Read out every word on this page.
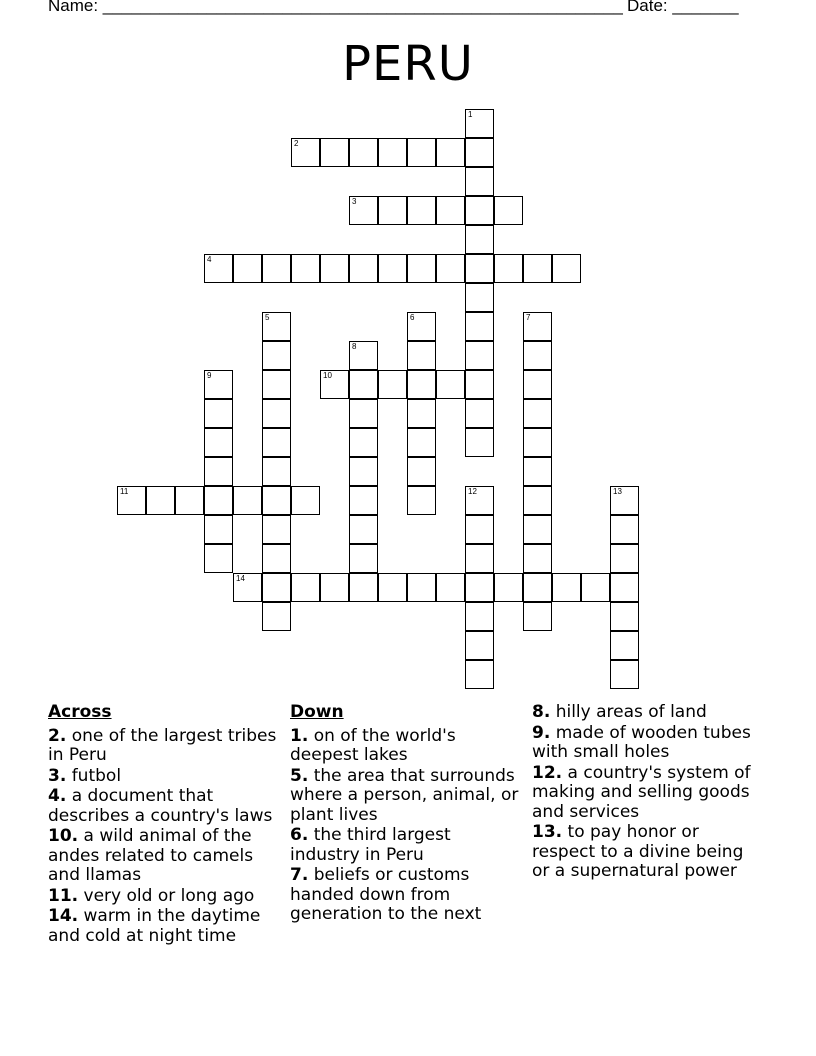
Name: _______________________________________________________ Date: _______
PERU
1
2
3
4
5	6	7
8
9	10
11	12	13
14
Across
2. one of the largest tribes in Peru
3. futbol
4. a document that describes a country's laws
10. a wild animal of the andes related to camels and llamas
11. very old or long ago
14. warm in the daytime and cold at night time
Down
1. on of the world's deepest lakes
5. the area that surrounds where a person, animal, or plant lives
6. the third largest industry in Peru
7. beliefs or customs handed down from generation to the next
8. hilly areas of land
9. made of wooden tubes with small holes
12. a country's system of making and selling goods and services
13. to pay honor or respect to a divine being or a supernatural power
